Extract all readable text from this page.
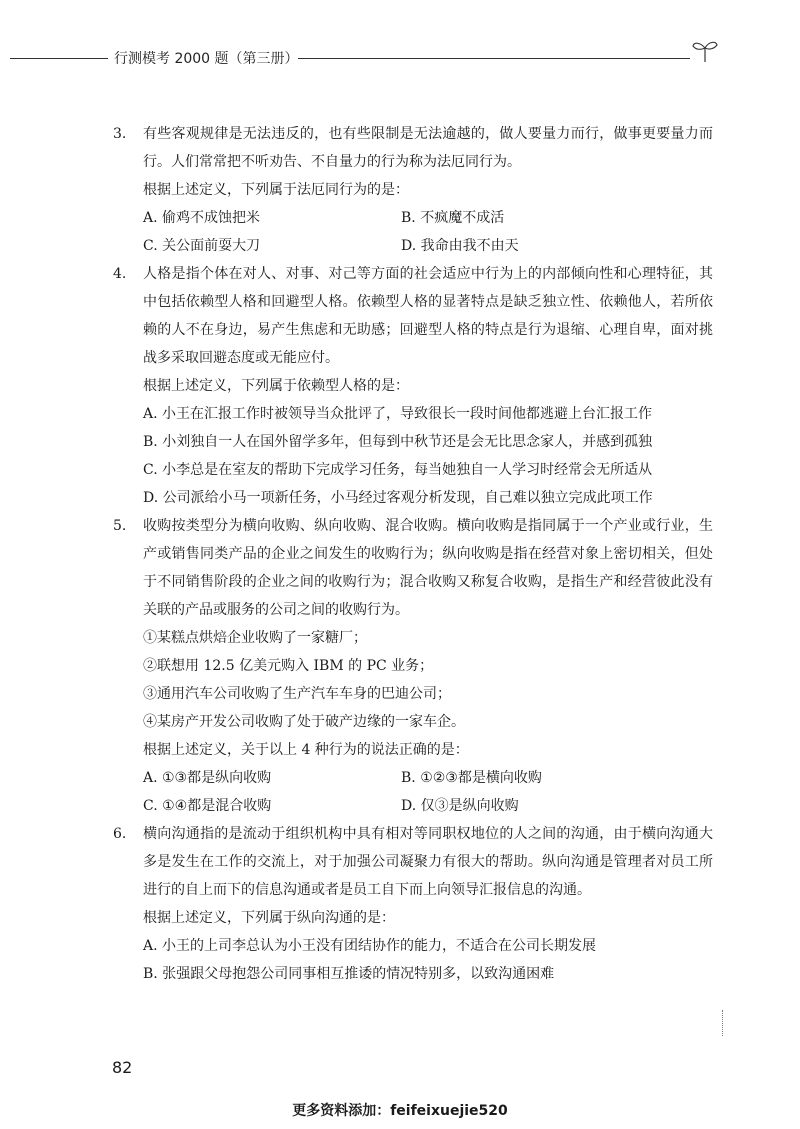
行测模考 2000 题（第三册）
3.	有些客观规律是无法违反的，也有些限制是无法逾越的，做人要量力而行，做事更要量力而行。人们常常把不听劝告、不自量力的行为称为法厄同行为。
根据上述定义，下列属于法厄同行为的是：
A. 偷鸡不成蚀把米	B. 不疯魔不成活
C. 关公面前耍大刀	D. 我命由我不由天
4.	人格是指个体在对人、对事、对己等方面的社会适应中行为上的内部倾向性和心理特征，其中包括依赖型人格和回避型人格。依赖型人格的显著特点是缺乏独立性、依赖他人，若所依赖的人不在身边，易产生焦虑和无助感；回避型人格的特点是行为退缩、心理自卑，面对挑战多采取回避态度或无能应付。
根据上述定义，下列属于依赖型人格的是：
A. 小王在汇报工作时被领导当众批评了，导致很长一段时间他都逃避上台汇报工作
B. 小刘独自一人在国外留学多年，但每到中秋节还是会无比思念家人，并感到孤独
C. 小李总是在室友的帮助下完成学习任务，每当她独自一人学习时经常会无所适从
D. 公司派给小马一项新任务，小马经过客观分析发现，自己难以独立完成此项工作
5.	收购按类型分为横向收购、纵向收购、混合收购。横向收购是指同属于一个产业或行业，生产或销售同类产品的企业之间发生的收购行为；纵向收购是指在经营对象上密切相关，但处于不同销售阶段的企业之间的收购行为；混合收购又称复合收购，是指生产和经营彼此没有关联的产品或服务的公司之间的收购行为。
①某糕点烘焙企业收购了一家糖厂；
②联想用 12.5 亿美元购入 IBM 的 PC 业务；
③通用汽车公司收购了生产汽车车身的巴迪公司；
④某房产开发公司收购了处于破产边缘的一家车企。
根据上述定义，关于以上 4 种行为的说法正确的是：
A. ①③都是纵向收购	B. ①②③都是横向收购
C. ①④都是混合收购	D. 仅③是纵向收购
6.	横向沟通指的是流动于组织机构中具有相对等同职权地位的人之间的沟通，由于横向沟通大多是发生在工作的交流上，对于加强公司凝聚力有很大的帮助。纵向沟通是管理者对员工所进行的自上而下的信息沟通或者是员工自下而上向领导汇报信息的沟通。
根据上述定义，下列属于纵向沟通的是：
A. 小王的上司李总认为小王没有团结协作的能力，不适合在公司长期发展
B. 张强跟父母抱怨公司同事相互推诿的情况特别多，以致沟通困难
82
更多资料添加：feifeixuejie520
